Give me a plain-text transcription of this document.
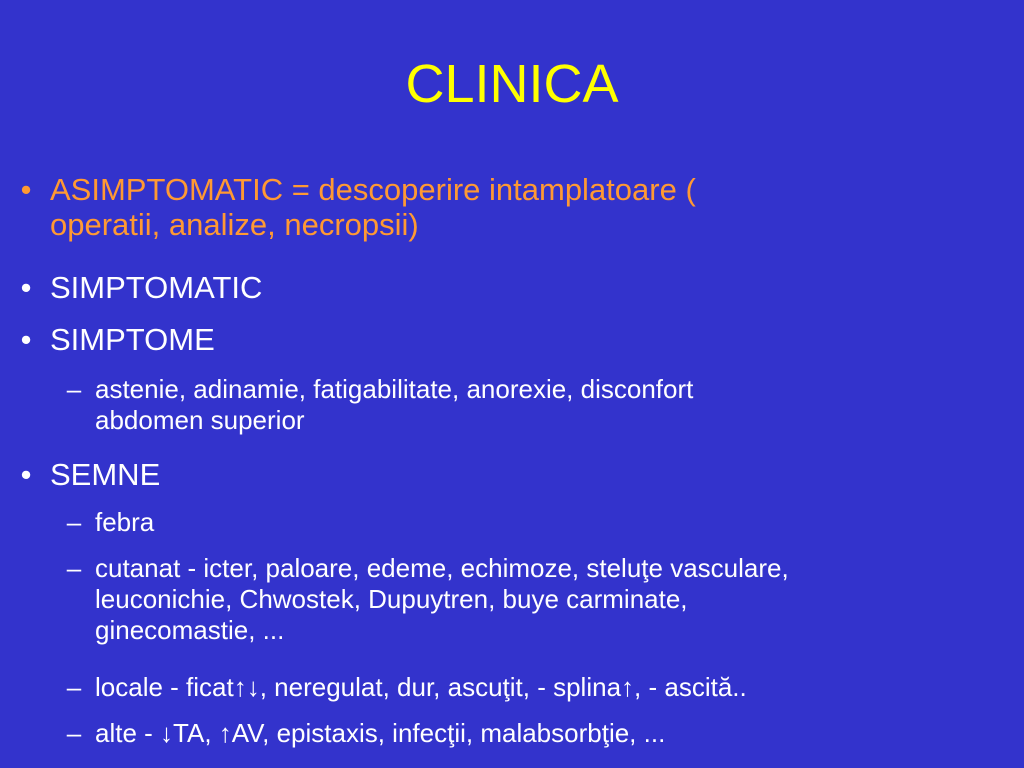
CLINICA
• ASIMPTOMATIC = descoperire intamplatoare (
operatii, analize, necropsii)
• SIMPTOMATIC
• SIMPTOME
– astenie, adinamie, fatigabilitate, anorexie, disconfort
abdomen superior
• SEMNE
– febra
– cutanat - icter, paloare, edeme, echimoze, steluţe vasculare,
leuconichie, Chwostek, Dupuytren, buye carminate,
ginecomastie, ...
– locale - ficat↑↓, neregulat, dur, ascuţit, - splina↑, - ascită..
– alte - ↓TA, ↑AV, epistaxis, infecţii, malabsorbţie, ...
